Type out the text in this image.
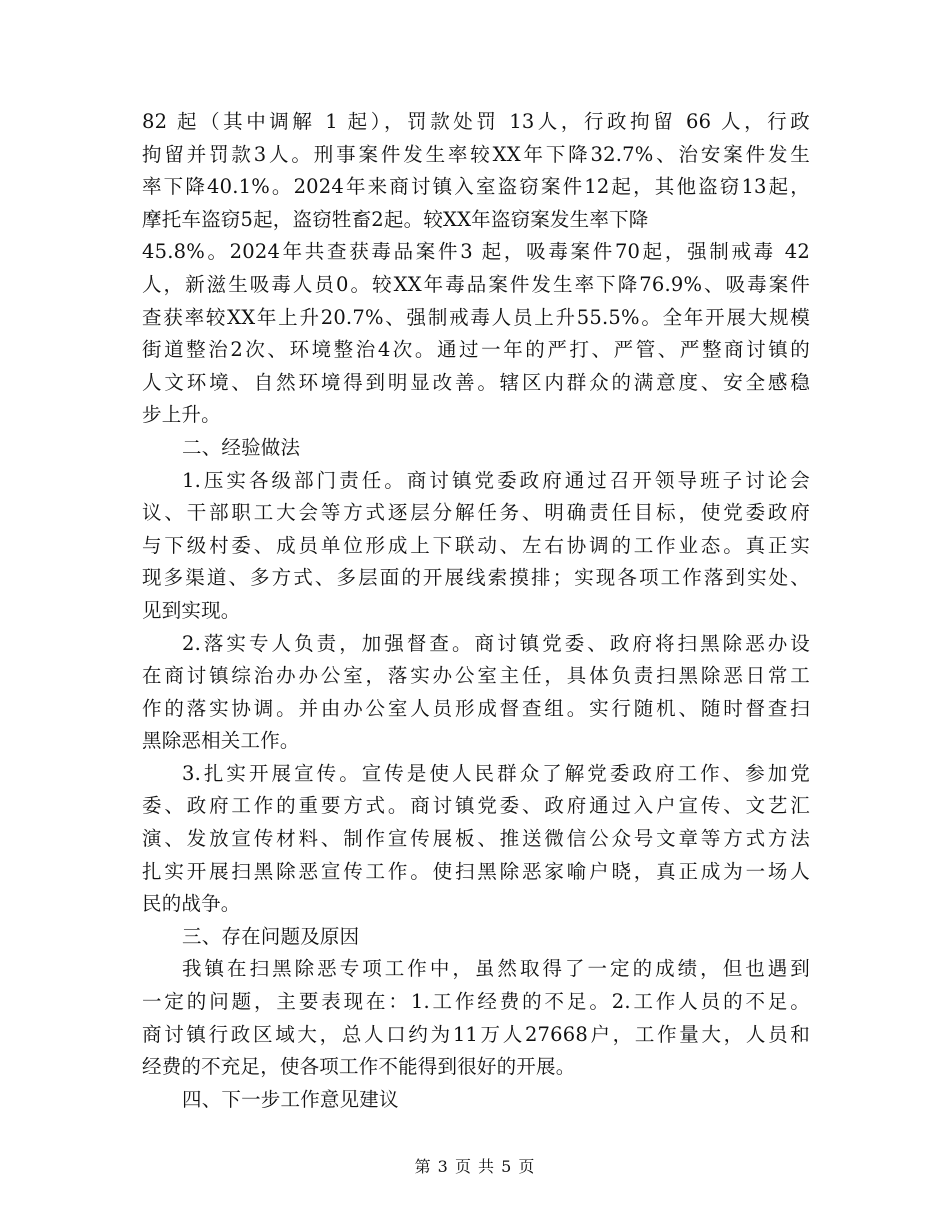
82 起（其中调解 1 起），罚款处罚 13人，行政拘留 66 人，行政
拘留并罚款3人。刑事案件发生率较XX年下降32.7%、治安案件发生
率下降40.1%。2024年来商讨镇入室盗窃案件12起，其他盗窃13起，
摩托车盗窃5起，盗窃牲畜2起。较XX年盗窃案发生率下降
45.8%。2024年共查获毒品案件3 起，吸毒案件70起，强制戒毒 42
人，新滋生吸毒人员0。较XX年毒品案件发生率下降76.9%、吸毒案件
查获率较XX年上升20.7%、强制戒毒人员上升55.5%。全年开展大规模
街道整治2次、环境整治4次。通过一年的严打、严管、严整商讨镇的
人文环境、自然环境得到明显改善。辖区内群众的满意度、安全感稳
步上升。
二、经验做法
1.压实各级部门责任。商讨镇党委政府通过召开领导班子讨论会
议、干部职工大会等方式逐层分解任务、明确责任目标，使党委政府
与下级村委、成员单位形成上下联动、左右协调的工作业态。真正实
现多渠道、多方式、多层面的开展线索摸排；实现各项工作落到实处、
见到实现。
2.落实专人负责，加强督查。商讨镇党委、政府将扫黑除恶办设
在商讨镇综治办办公室，落实办公室主任，具体负责扫黑除恶日常工
作的落实协调。并由办公室人员形成督查组。实行随机、随时督查扫
黑除恶相关工作。
3.扎实开展宣传。宣传是使人民群众了解党委政府工作、参加党
委、政府工作的重要方式。商讨镇党委、政府通过入户宣传、文艺汇
演、发放宣传材料、制作宣传展板、推送微信公众号文章等方式方法
扎实开展扫黑除恶宣传工作。使扫黑除恶家喻户晓，真正成为一场人
民的战争。
三、存在问题及原因
我镇在扫黑除恶专项工作中，虽然取得了一定的成绩，但也遇到
一定的问题，主要表现在：1.工作经费的不足。2.工作人员的不足。
商讨镇行政区域大，总人口约为11万人27668户，工作量大，人员和
经费的不充足，使各项工作不能得到很好的开展。
四、下一步工作意见建议
第 3 页 共 5 页
